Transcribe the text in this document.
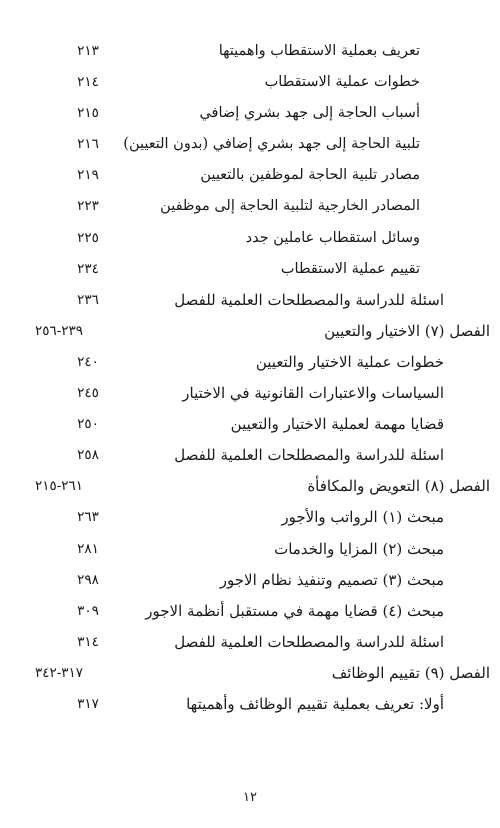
تعريف بعملية الاستقطاب واهميتها
٢١٣
خطوات عملية الاستقطاب
٢١٤
أسباب الحاجة إلى جهد بشري إضافي
٢١٥
تلبية الحاجة إلى جهد بشري إضافي (بدون التعيين)
٢١٦
مصادر تلبية الحاجة لموظفين بالتعيين
٢١٩
المصادر الخارجية لتلبية الحاجة إلى موظفين
٢٢٣
وسائل استقطاب عاملين جدد
٢٢٥
تقييم عملية الاستقطاب
٢٣٤
اسئلة للدراسة والمصطلحات العلمية للفصل
٢٣٦
الفصل (٧) الاختيار والتعيين
٢٣٩-٢٥٦
خطوات عملية الاختيار والتعيين
٢٤٠
السياسات والاعتبارات القانونية في الاختيار
٢٤٥
قضايا مهمة لعملية الاختيار والتعيين
٢٥٠
اسئلة للدراسة والمصطلحات العلمية للفصل
٢٥٨
الفصل (٨) التعويض والمكافأة
٢٦١-٢١٥
مبحث (١) الرواتب والأجور
٢٦٣
مبحث (٢) المزايا والخدمات
٢٨١
مبحث (٣) تصميم وتنفيذ نظام الاجور
٢٩٨
مبحث (٤) قضايا مهمة في مستقبل أنظمة الاجور
٣٠٩
اسئلة للدراسة والمصطلحات العلمية للفصل
٣١٤
الفصل (٩) تقييم الوظائف
٣١٧-٣٤٢
أولا: تعريف بعملية تقييم الوظائف وأهميتها
٣١٧
١٢
